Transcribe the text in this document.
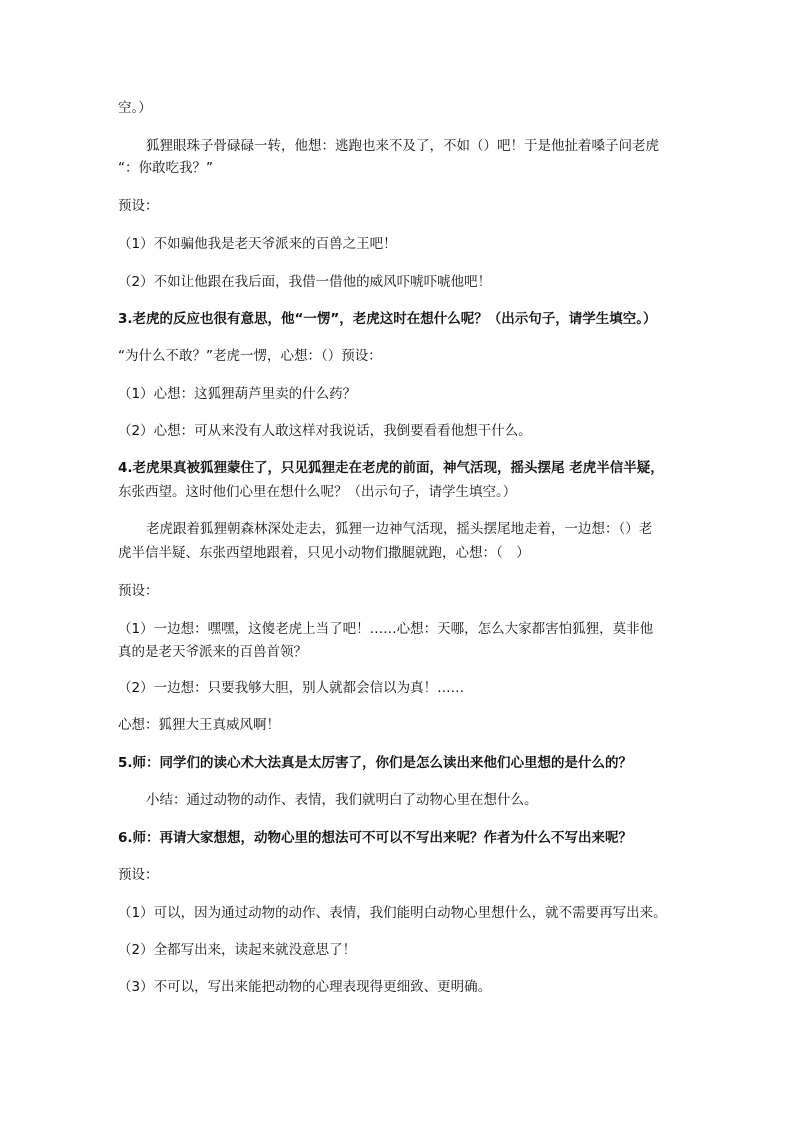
空。）
狐狸眼珠子骨碌碌一转，他想：逃跑也来不及了，不如（）吧！于是他扯着嗓子问老虎
“：你敢吃我？”
预设：
（1）不如骗他我是老天爷派来的百兽之王吧！
（2）不如让他跟在我后面，我借一借他的威风吓唬吓唬他吧！
3.老虎的反应也很有意思，他“一愣”，老虎这时在想什么呢？（出示句子，请学生填空。）
“为什么不敢？”老虎一愣，心想：（）预设：
（1）心想：这狐狸葫芦里卖的什么药？
（2）心想：可从来没有人敢这样对我说话，我倒要看看他想干什么。
4.老虎果真被狐狸蒙住了，只见狐狸走在老虎的前面，神气活现，摇头摆尾 老虎半信半疑，
东张西望。这时他们心里在想什么呢？（出示句子，请学生填空。）
老虎跟着狐狸朝森林深处走去，狐狸一边神气活现，摇头摆尾地走着，一边想：（）老
虎半信半疑、东张西望地跟着，只见小动物们撒腿就跑，心想：（　）
预设：
（1）一边想：嘿嘿，这傻老虎上当了吧！……心想：天哪，怎么大家都害怕狐狸，莫非他
真的是老天爷派来的百兽首领？
（2）一边想：只要我够大胆，别人就都会信以为真！……
心想：狐狸大王真威风啊！
5.师：同学们的读心术大法真是太厉害了，你们是怎么读出来他们心里想的是什么的？
小结：通过动物的动作、表情，我们就明白了动物心里在想什么。
6.师：再请大家想想，动物心里的想法可不可以不写出来呢？作者为什么不写出来呢？
预设：
（1）可以，因为通过动物的动作、表情，我们能明白动物心里想什么，就不需要再写出来。
（2）全都写出来，读起来就没意思了！
（3）不可以，写出来能把动物的心理表现得更细致、更明确。
